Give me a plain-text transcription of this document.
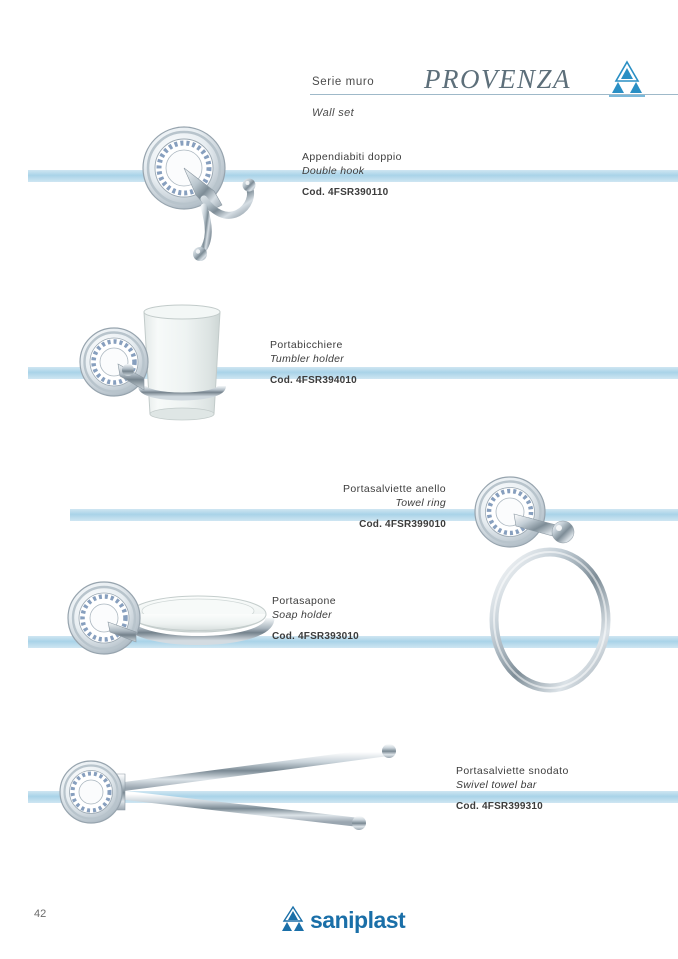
Serie muro
Wall set
PROVENZA
Appendiabiti doppio
Double hook
Cod. 4FSR390110
Portabicchiere
Tumbler holder
Cod. 4FSR394010
Portasalviette anello
Towel ring
Cod. 4FSR399010
Portasapone
Soap holder
Cod. 4FSR393010
Portasalviette snodato
Swivel towel bar
Cod. 4FSR399310
42	saniplast
